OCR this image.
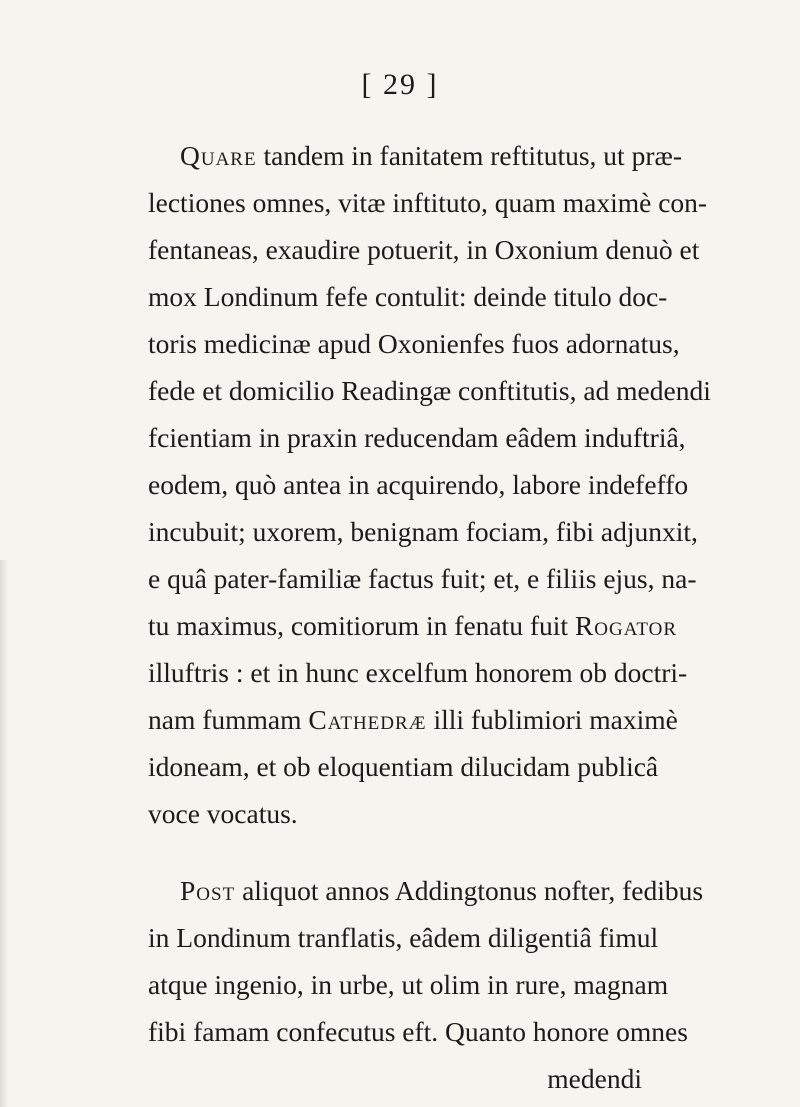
[ 29 ]
Quare tandem in fanitatem reftitutus, ut præ-
lectiones omnes, vitæ inftituto, quam maximè con-
fentaneas, exaudire potuerit, in Oxonium denuò et
mox Londinum fefe contulit: deinde titulo doc-
toris medicinæ apud Oxonienfes fuos adornatus,
fede et domicilio Readingæ conftitutis, ad medendi
fcientiam in praxin reducendam eâdem induftriâ,
eodem, quò antea in acquirendo, labore indefeffo
incubuit; uxorem, benignam fociam, fibi adjunxit,
e quâ pater-familiæ factus fuit; et, e filiis ejus, na-
tu maximus, comitiorum in fenatu fuit Rogator
illuftris : et in hunc excelfum honorem ob doctri-
nam fummam Cathedræ illi fublimiori maximè
idoneam, et ob eloquentiam dilucidam publicâ
voce vocatus.
Post aliquot annos Addingtonus nofter, fedibus
in Londinum tranflatis, eâdem diligentiâ fimul
atque ingenio, in urbe, ut olim in rure, magnam
fibi famam confecutus eft. Quanto honore omnes
medendi
